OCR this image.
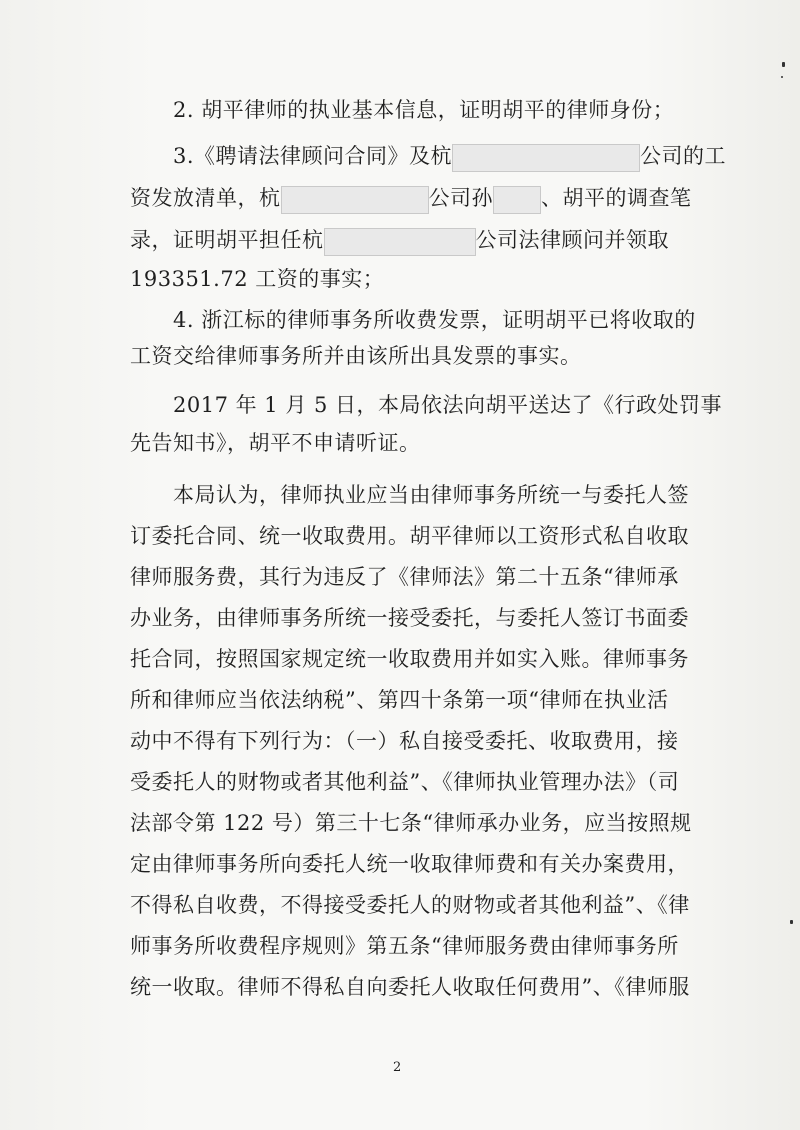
2. 胡平律师的执业基本信息，证明胡平的律师身份；
3.《聘请法律顾问合同》及杭	公司的工
资发放清单，杭	公司孙 、胡平的调查笔
录，证明胡平担任杭	公司法律顾问并领取
193351.72 工资的事实；
4. 浙江标的律师事务所收费发票，证明胡平已将收取的
工资交给律师事务所并由该所出具发票的事实。
2017 年 1 月 5 日，本局依法向胡平送达了《行政处罚事
先告知书》，胡平不申请听证。
本局认为，律师执业应当由律师事务所统一与委托人签
订委托合同、统一收取费用。胡平律师以工资形式私自收取
律师服务费，其行为违反了《律师法》第二十五条“律师承
办业务，由律师事务所统一接受委托，与委托人签订书面委
托合同，按照国家规定统一收取费用并如实入账。律师事务
所和律师应当依法纳税”、第四十条第一项“律师在执业活
动中不得有下列行为：（一）私自接受委托、收取费用，接
受委托人的财物或者其他利益”、《律师执业管理办法》（司
法部令第 122 号）第三十七条“律师承办业务，应当按照规
定由律师事务所向委托人统一收取律师费和有关办案费用，
不得私自收费，不得接受委托人的财物或者其他利益”、《律
师事务所收费程序规则》第五条“律师服务费由律师事务所
统一收取。律师不得私自向委托人收取任何费用”、《律师服
2
